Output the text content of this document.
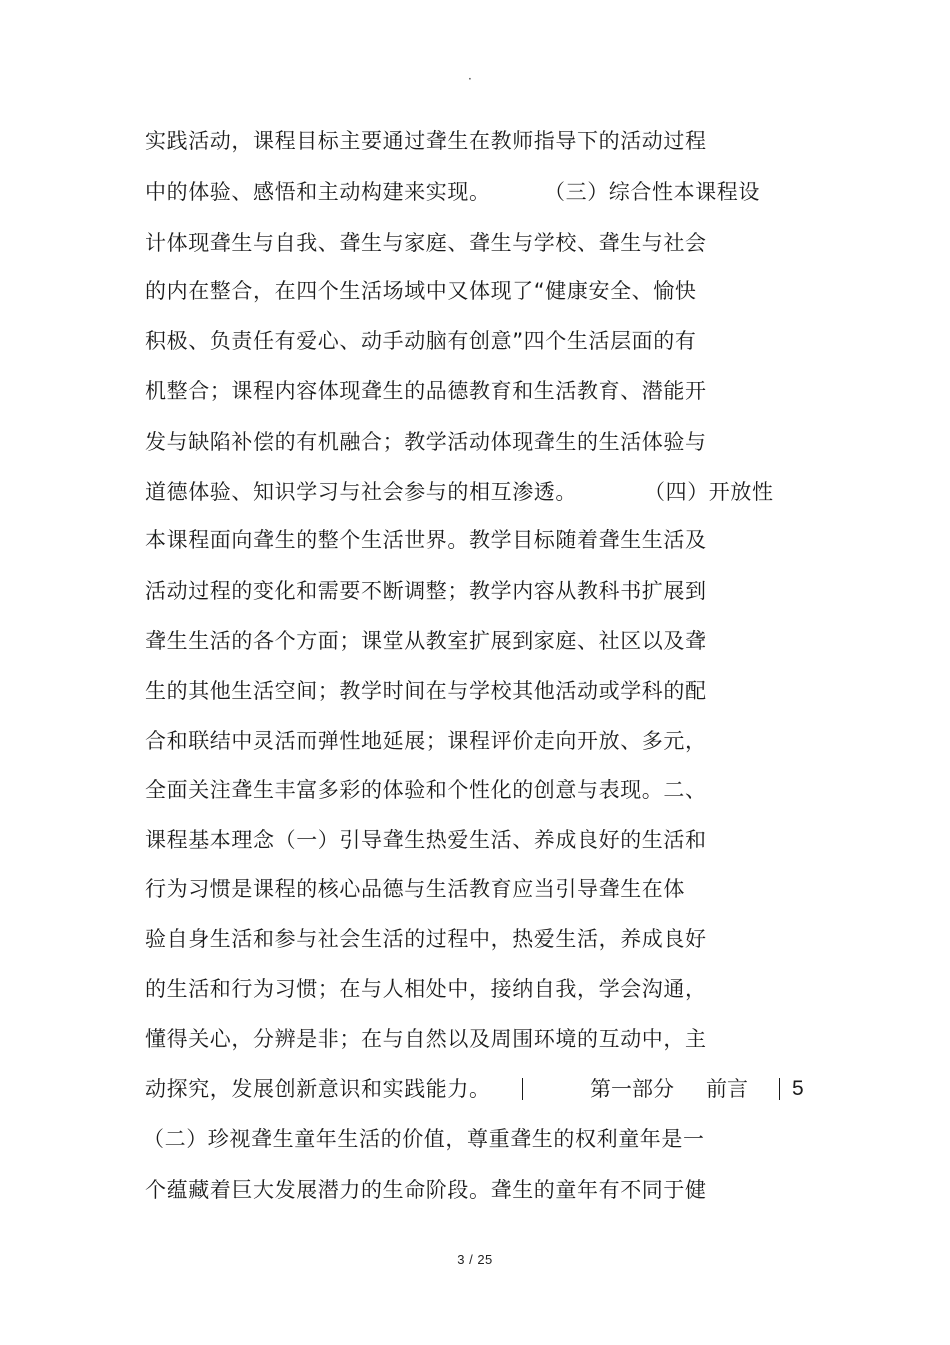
·
实践活动，课程目标主要通过聋生在教师指导下的活动过程
中的体验、感悟和主动构建来实现。	（三）综合性本课程设
计体现聋生与自我、聋生与家庭、聋生与学校、聋生与社会
的内在整合，在四个生活场域中又体现了“健康安全、愉快
积极、负责任有爱心、动手动脑有创意”四个生活层面的有
机整合；课程内容体现聋生的品德教育和生活教育、潜能开
发与缺陷补偿的有机融合；教学活动体现聋生的生活体验与
道德体验、知识学习与社会参与的相互渗透。	（四）开放性
本课程面向聋生的整个生活世界。教学目标随着聋生生活及
活动过程的变化和需要不断调整；教学内容从教科书扩展到
聋生生活的各个方面；课堂从教室扩展到家庭、社区以及聋
生的其他生活空间；教学时间在与学校其他活动或学科的配
合和联结中灵活而弹性地延展；课程评价走向开放、多元，
全面关注聋生丰富多彩的体验和个性化的创意与表现。二、
课程基本理念（一）引导聋生热爱生活、养成良好的生活和
行为习惯是课程的核心品德与生活教育应当引导聋生在体
验自身生活和参与社会生活的过程中，热爱生活，养成良好
的生活和行为习惯；在与人相处中，接纳自我，学会沟通，
懂得关心，分辨是非；在与自然以及周围环境的互动中，主
动探究，发展创新意识和实践能力。	第一部分 前言 5
（二）珍视聋生童年生活的价值，尊重聋生的权利童年是一
个蕴藏着巨大发展潜力的生命阶段。聋生的童年有不同于健
3 / 25
